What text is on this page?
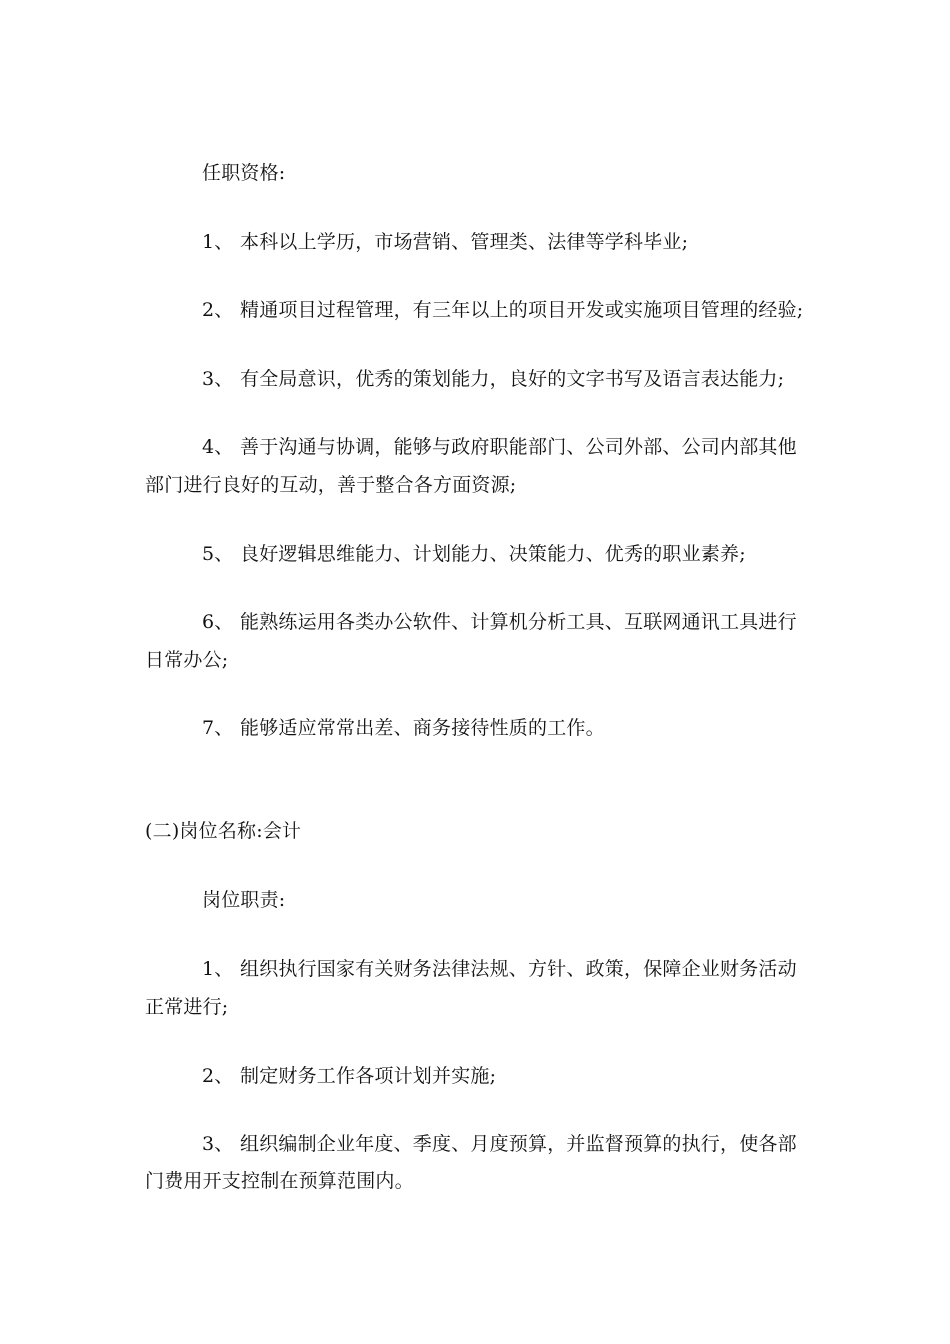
任职资格:
1、 本科以上学历，市场营销、管理类、法律等学科毕业;
2、 精通项目过程管理，有三年以上的项目开发或实施项目管理的经验;
3、 有全局意识，优秀的策划能力，良好的文字书写及语言表达能力;
4、 善于沟通与协调，能够与政府职能部门、公司外部、公司内部其他
部门进行良好的互动，善于整合各方面资源;
5、 良好逻辑思维能力、计划能力、决策能力、优秀的职业素养;
6、 能熟练运用各类办公软件、计算机分析工具、互联网通讯工具进行
日常办公;
7、 能够适应常常出差、商务接待性质的工作。
(二)岗位名称:会计
岗位职责:
1、 组织执行国家有关财务法律法规、方针、政策，保障企业财务活动
正常进行;
2、 制定财务工作各项计划并实施;
3、 组织编制企业年度、季度、月度预算，并监督预算的执行，使各部
门费用开支控制在预算范围内。
